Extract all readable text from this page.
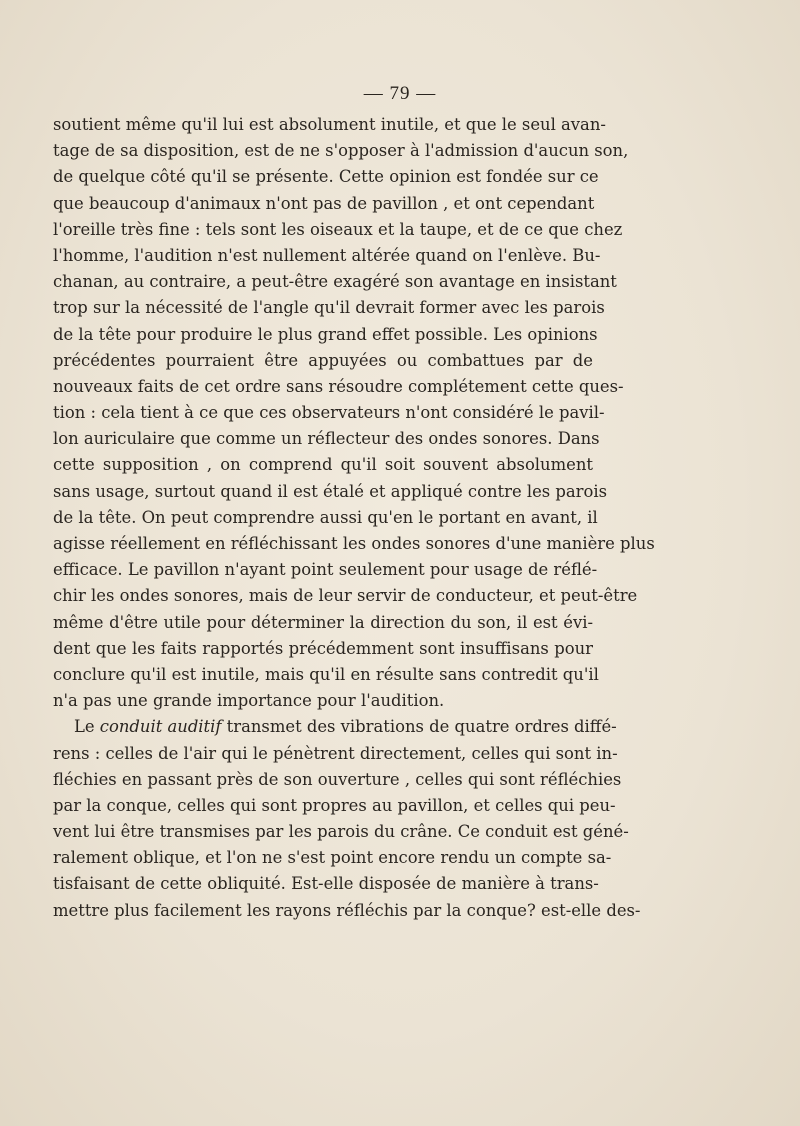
— 79 —
soutient même qu'il lui est absolument inutile, et que le seul avan-
tage de sa disposition, est de ne s'opposer à l'admission d'aucun son,
de quelque côté qu'il se présente. Cette opinion est fondée sur ce
que beaucoup d'animaux n'ont pas de pavillon , et ont cependant
l'oreille très fine : tels sont les oiseaux et la taupe, et de ce que chez
l'homme, l'audition n'est nullement altérée quand on l'enlève. Bu-
chanan, au contraire, a peut-être exagéré son avantage en insistant
trop sur la nécessité de l'angle qu'il devrait former avec les parois
de la tête pour produire le plus grand effet possible. Les opinions
précédentes pourraient être appuyées ou combattues par de
nouveaux faits de cet ordre sans résoudre complétement cette ques-
tion : cela tient à ce que ces observateurs n'ont considéré le pavil-
lon auriculaire que comme un réflecteur des ondes sonores. Dans
cette supposition , on comprend qu'il soit souvent absolument
sans usage, surtout quand il est étalé et appliqué contre les parois
de la tête. On peut comprendre aussi qu'en le portant en avant, il
agisse réellement en réfléchissant les ondes sonores d'une manière plus
efficace. Le pavillon n'ayant point seulement pour usage de réflé-
chir les ondes sonores, mais de leur servir de conducteur, et peut-être
même d'être utile pour déterminer la direction du son, il est évi-
dent que les faits rapportés précédemment sont insuffisans pour
conclure qu'il est inutile, mais qu'il en résulte sans contredit qu'il
n'a pas une grande importance pour l'audition.
Le conduit auditif transmet des vibrations de quatre ordres diffé-
rens : celles de l'air qui le pénètrent directement, celles qui sont in-
fléchies en passant près de son ouverture , celles qui sont réfléchies
par la conque, celles qui sont propres au pavillon, et celles qui peu-
vent lui être transmises par les parois du crâne. Ce conduit est géné-
ralement oblique, et l'on ne s'est point encore rendu un compte sa-
tisfaisant de cette obliquité. Est-elle disposée de manière à trans-
mettre plus facilement les rayons réfléchis par la conque? est-elle des-
